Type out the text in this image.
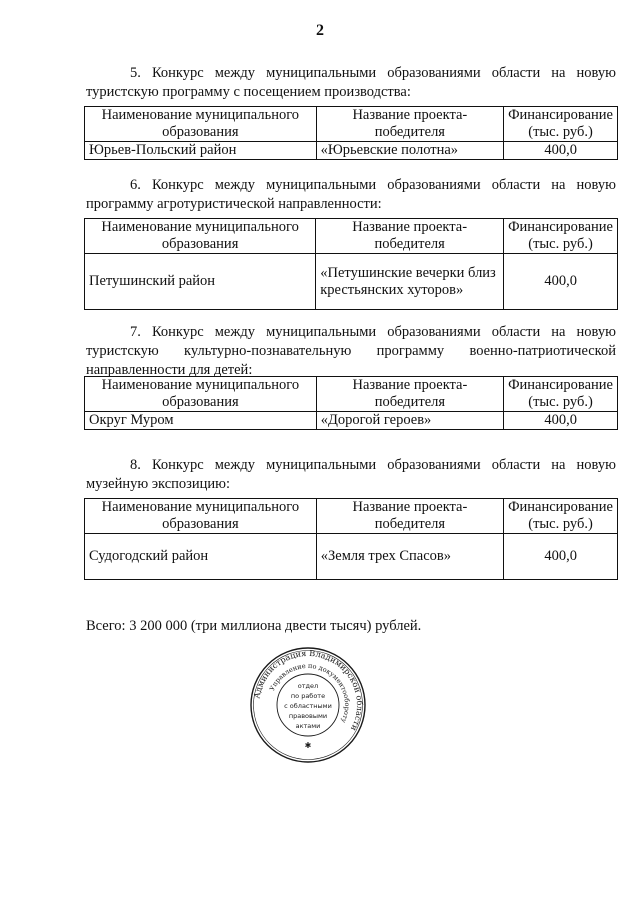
2
5. Конкурс между муниципальными образованиями области на новую туристскую программу с посещением производства:
Наименование муниципального образования	Название проекта-победителя	Финансирование (тыс. руб.)
Юрьев-Польский район	«Юрьевские полотна»	400,0
6. Конкурс между муниципальными образованиями области на новую программу агротуристической направленности:
Наименование муниципального образования	Название проекта-победителя	Финансирование (тыс. руб.)
Петушинский район	«Петушинские вечерки близ крестьянских хуторов»	400,0
7. Конкурс между муниципальными образованиями области на новую туристскую культурно-познавательную программу военно-патриотической направленности для детей:
Наименование муниципального образования	Название проекта-победителя	Финансирование (тыс. руб.)
Округ Муром	«Дорогой героев»	400,0
8. Конкурс между муниципальными образованиями области на новую музейную экспозицию:
Наименование муниципального образования	Название проекта-победителя	Финансирование (тыс. руб.)
Судогодский район	«Земля трех Спасов»	400,0
Всего: 3 200 000 (три миллиона двести тысяч) рублей.
Администрация Владимирской области
Управление по документообороту
отдел
по работе
с областными
правовыми
актами
✱
